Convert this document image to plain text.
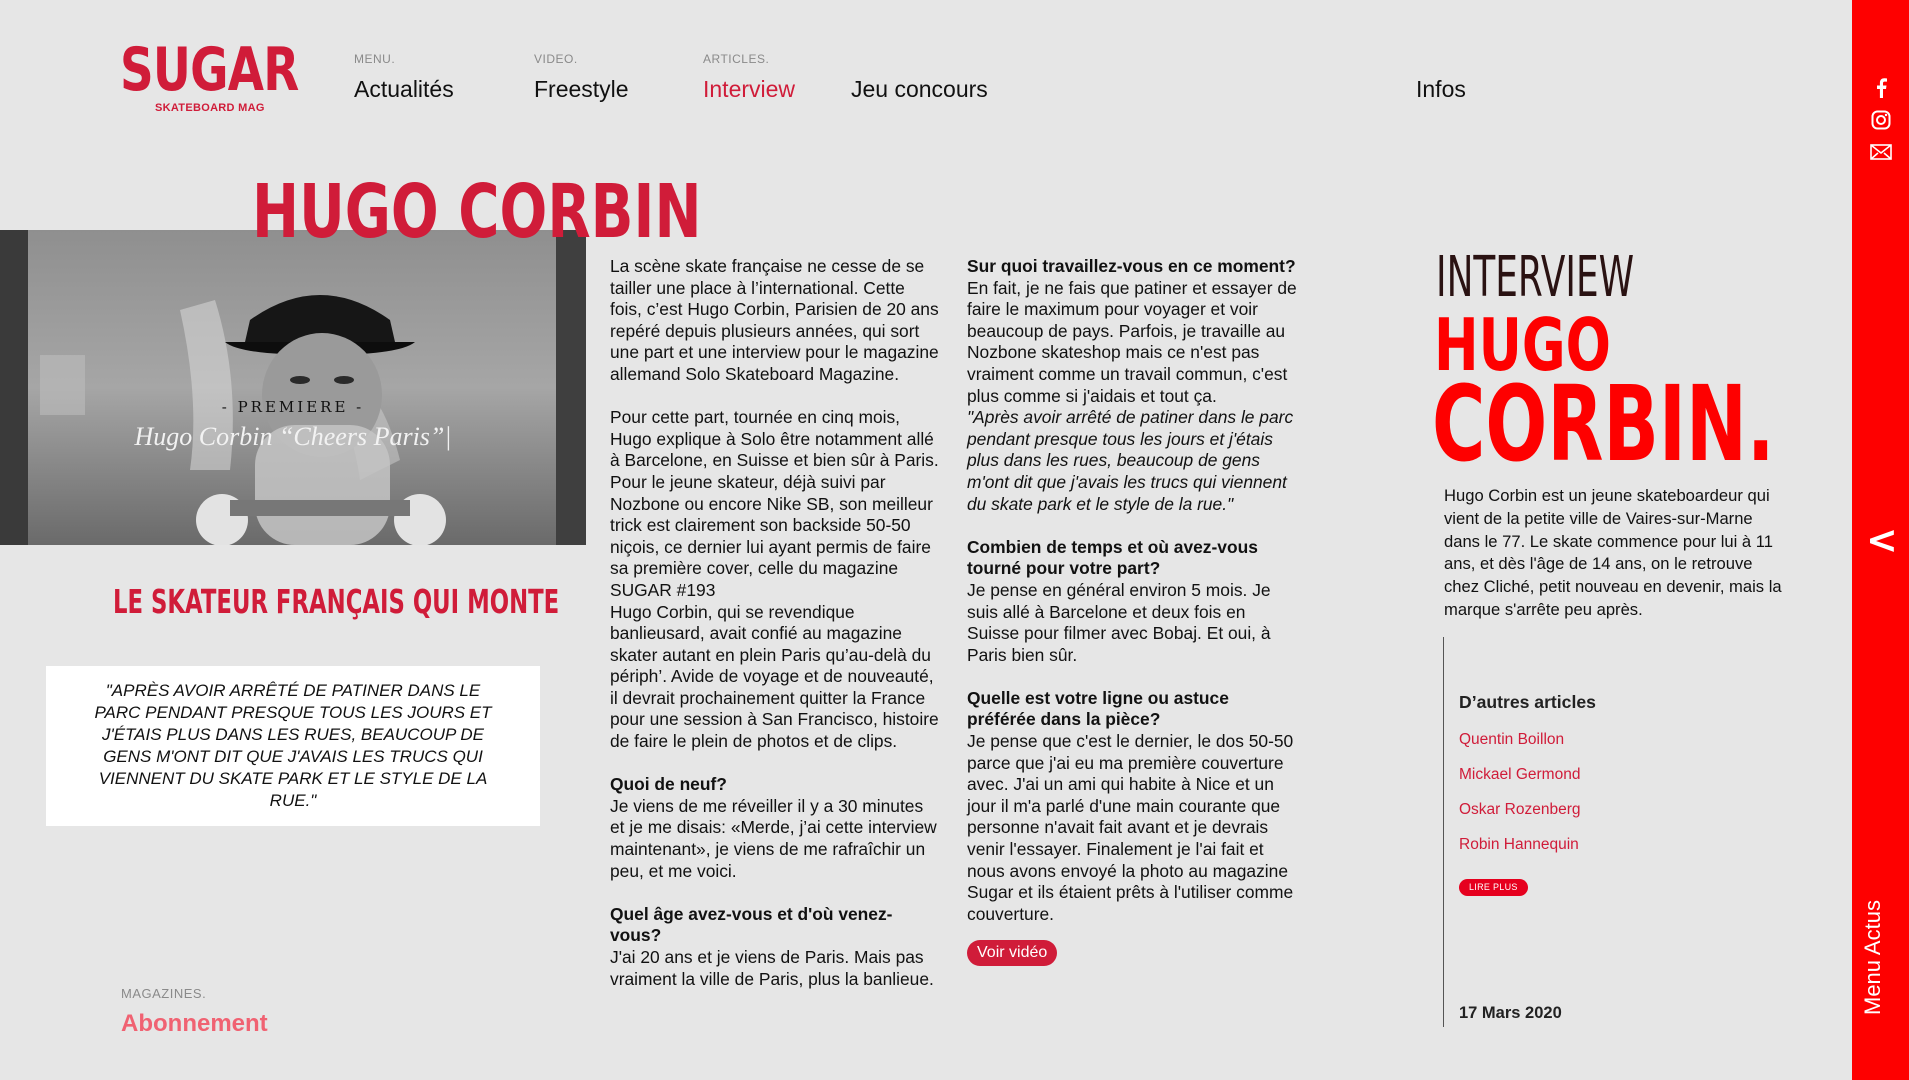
SUGAR
SKATEBOARD MAG
MENU.
Actualités
VIDEO.
Freestyle
ARTICLES.
Interview Jeu concours	Infos
<
Menu Actus
- PREMIERE -
Hugo Corbin “Cheers Paris”|
HUGO CORBIN
LE SKATEUR FRANÇAIS QUI MONTE
"APRÈS AVOIR ARRÊTÉ DE PATINER DANS LE PARC PENDANT PRESQUE TOUS LES JOURS ET J'ÉTAIS PLUS DANS LES RUES, BEAUCOUP DE GENS M'ONT DIT QUE J'AVAIS LES TRUCS QUI VIENNENT DU SKATE PARK ET LE STYLE DE LA RUE."
MAGAZINES.
Abonnement

La scène skate française ne cesse de se tailler une place à l’international. Cette fois, c’est Hugo Corbin, Parisien de 20 ans repéré depuis plusieurs années, qui sort une part et une interview pour le magazine allemand Solo Skateboard Magazine.

Pour cette part, tournée en cinq mois, Hugo explique à Solo être notamment allé à Barcelone, en Suisse et bien sûr à Paris. Pour le jeune skateur, déjà suivi par Nozbone ou encore Nike SB, son meilleur trick est clairement son backside 50-50 niçois, ce dernier lui ayant permis de faire sa première cover, celle du magazine SUGAR #193

Hugo Corbin, qui se revendique banlieusard, avait confié au magazine skater autant en plein Paris qu’au-delà du périph’. Avide de voyage et de nouveauté, il devrait prochainement quitter la France pour une session à San Francisco, histoire de faire le plein de photos et de clips.

Quoi de neuf?

Je viens de me réveiller il y a 30 minutes et je me disais: «Merde, j’ai cette interview maintenant», je viens de me rafraîchir un peu, et me voici.

Quel âge avez-vous et d'où venez-vous?

J'ai 20 ans et je viens de Paris. Mais pas vraiment la ville de Paris, plus la banlieue.

Sur quoi travaillez-vous en ce moment?

En fait, je ne fais que patiner et essayer de faire le maximum pour voyager et voir beaucoup de pays. Parfois, je travaille au Nozbone skateshop mais ce n'est pas vraiment comme un travail commun, c'est plus comme si j'aidais et tout ça.

"Après avoir arrêté de patiner dans le parc pendant presque tous les jours et j'étais plus dans les rues, beaucoup de gens m'ont dit que j'avais les trucs qui viennent du skate park et le style de la rue."

Combien de temps et où avez-vous tourné pour votre part?

Je pense en général environ 5 mois. Je suis allé à Barcelone et deux fois en Suisse pour filmer avec Bobaj. Et oui, à Paris bien sûr.

Quelle est votre ligne ou astuce préférée dans la pièce?

Je pense que c'est le dernier, le dos 50-50 parce que j'ai eu ma première couverture avec. J'ai un ami qui habite à Nice et un jour il m'a parlé d'une main courante que personne n'avait fait avant et je devrais venir l'essayer. Finalement je l'ai fait et nous avons envoyé la photo au magazine Sugar et ils étaient prêts à l'utiliser comme couverture.

Voir vidéo
INTERVIEW
HUGO
CORBIN.

Hugo Corbin est un jeune skateboardeur qui vient de la petite ville de Vaires-sur-Marne dans le 77. Le skate commence pour lui à 11 ans, et dès l'âge de 14 ans, on le retrouve chez Cliché, petit nouveau en devenir, mais la marque s'arrête peu après.

D’autres articles
Quentin Boillon
Mickael Germond
Oskar Rozenberg
Robin Hannequin
LIRE PLUS
17 Mars 2020
